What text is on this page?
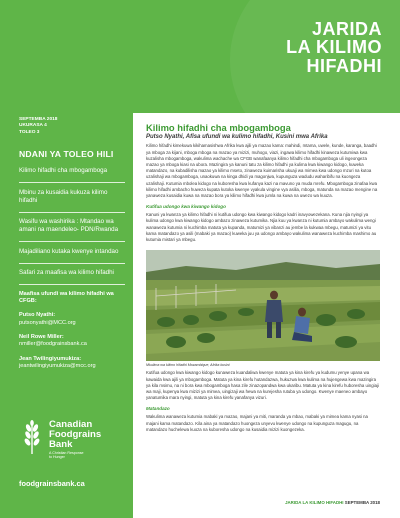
JARIDA
LA KILIMO
HIFADHI
SEPTEMBA 2018
UKURASA 4
TOLEO 3
NDANI YA TOLEO HILI
Kilimo hifadhi cha mbogamboga
Mbinu za kusaidia kukuza kilimo hifadhi
Wasifu wa washirika : Mtandao wa amani na maendeleo- PDN/Rwanda
Majadiliano kutaka kwenye intandao
Safari za maafisa wa kilimo hifadhi
Maafisa ufundi wa kilimo hifadhi wa CFGB:
Putso Nyathi:
putsonyathi@MCC.org
Neil Rowe Miller:
nmiller@foodgrainsbank.ca
Jean Twilingiyumukiza:
jeantwilingiyumukiza@mcc.org
Canadian
Foodgrains
Bank
A Christian Response
to Hunger
foodgrainsbank.ca
Kilimo hifadhi cha mbogamboga
Putso Nyathi, Afisa ufundi wa kulimo hifadhi, Kusini mwa Afrika

Kilimo hifadhi kimekuwa kikihamasishwa Afrika kwa ajili ya mazao kama: mahindi, mtama, uwele, kunde, karanga, baadhi ya mboga za kijani, mboga mboga na mazao ya mizizi, muhogo, viazi, ingawa kilimo hifadhi kinaweza kutumiwa kwa kuzalisha mbogamboga, wakulima wachache wa CFGB wanafaanya kilimo hifadhi cha mbogamboga uli ingeongeza mazao ya mboga kiasi na ubora. Mazingira ya kanuni tatu za kilimo hifadhi ya kulima kwa kiwango kidogo, kuweka matandazo, na kubadilisha mazao ya kilimo mseto, zinaweza kuimarisha ukuaji wa mimea kwa udongo mzuri na kutoa uzalishaji wa mbogamboga, unaokuwa na kinga dhidi ya magonjwa, kupunguza wadudu waharibifu na kuongeza uzalishaji. Kutumia mbolea kidogo na kuboresha kwa kufanya kazi na mavuno ya muda mrefu. Mbogamboga zinafaa kwa kilimo hifadhi ambacho huweza kupata kutoka kwenye vyakula vingine vya asilia, mboga, matunda na mazao mengine na yanaweza kusaidia kuwa na mazao bora ya kilimo hifadhi kwa jumla na kuwa na uwezo wa kuuza.

Kutifua udongo kwa kiwango kidogo

Kanuni ya kwanza ya kilimo hifadhi ni kutifua udongo kwa kiwango kidogo kadri inavyowezekana. Kuna njia nyingi ya kulima udongo kwa kiwango kidogo ambazo zinaweza kutumika. Njia kuu ya kwanza ni kutumia ambayo wakulima wengi wanaweza kutumia ni kuchimba matuta ya kupanda, matumizi ya vibanzi au jembe la kukwaa mbegu, matumizi ya vitu kama matandazo ya asili (mabaki ya mazao) kuweka juu ya udongo ambayo wakulima wanaweza kuchimba mashimo au kutumia mistari ya mbegu.

Mkulima wa kilimo hifadhi Mozambique, Afrika kusini

Kutifua udongo kwa kiwango kidogo kunaweza kuandaliwa kwenye matuta ya kina kirefu ya kudumu yenye upana wa kawaida kwa ajili ya mbogamboga. Matuta ya kina kirefu hutandazwa, hukuzwa kwa kulima na hujengewa kwa mazingira ya kila msimu, na ni bora kwa mbogamboga hasa zile zinazopandwa kwa ukaribu. Matuta ya kina kirefu huboresha uingiaji wa maji, kupenya kwa mizizi ya mimea, uingizaji wa hewa na kurejesha rutuba ya udongo. Kwenye maeneo ambayo yanatumika mara nyingi, matuta ya kina kirefu yanafanya vizuri.

Matandazo

Wakulima wanaweza kutumia mabaki ya mazao, majani ya miti, maranda ya mbao, mabaki ya mimea kama nyasi na majani kama matandazo. Kila aina ya matandazo huongeza unyevu kwenye udongo na kupunguza magugu, na matandazo huchelewa kuoza na kuboresha udongo na kusaidia mizizi kuongezeka.

JARIDA LA KILIMO HIFADHI SEPTEMBA 2018
